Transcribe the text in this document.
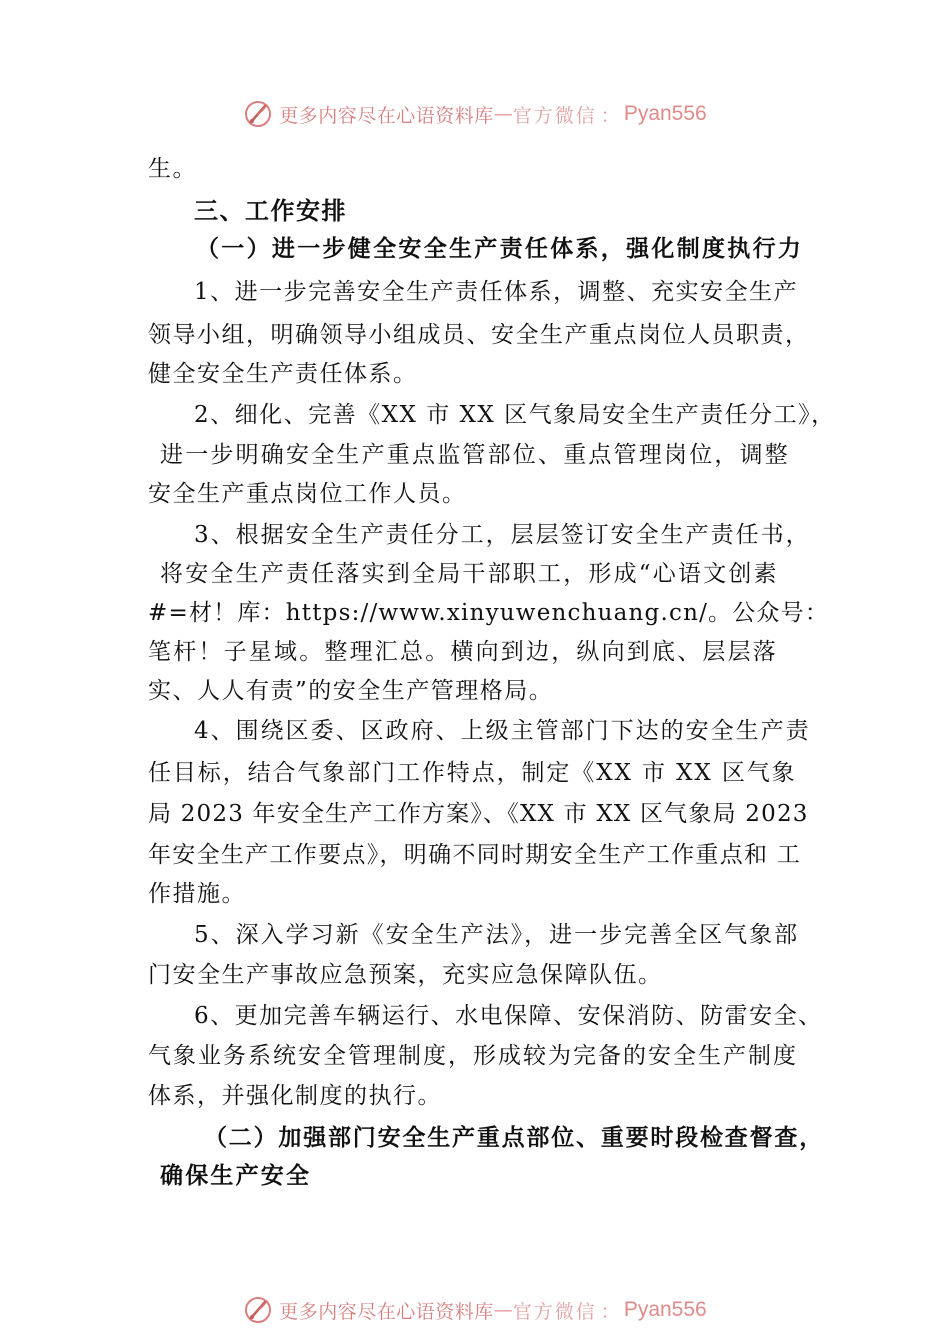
更多内容尽在心语资料库 — 官方微信 ： Pyan556
生。
三、工作安排
（一）进一步健全安全生产责任体系，强化制度执行力
1、进一步完善安全生产责任体系，调整、充实安全生产
领导小组，明确领导小组成员、安全生产重点岗位人员职责，
健全安全生产责任体系。
2、细化、完善《XX 市 XX 区气象局安全生产责任分工》，
进一步明确安全生产重点监管部位、重点管理岗位，调整
安全生产重点岗位工作人员。
3、根据安全生产责任分工，层层签订安全生产责任书，
将安全生产责任落实到全局干部职工，形成“心语文创素
#=材！库：https://www.xinyuwenchuang.cn/。公众号：
笔杆！子星域。整理汇总。横向到边，纵向到底、层层落
实、人人有责”的安全生产管理格局。
4、围绕区委、区政府、上级主管部门下达的安全生产责
任目标，结合气象部门工作特点，制定《XX 市 XX 区气象
局 2023 年安全生产工作方案》、《XX 市 XX 区气象局 2023
年安全生产工作要点》，明确不同时期安全生产工作重点和 工
作措施。
5、深入学习新《安全生产法》，进一步完善全区气象部
门安全生产事故应急预案，充实应急保障队伍。
6、更加完善车辆运行、水电保障、安保消防、防雷安全、
气象业务系统安全管理制度，形成较为完备的安全生产制度
体系，并强化制度的执行。
（二）加强部门安全生产重点部位、重要时段检查督查，
确保生产安全
更多内容尽在心语资料库 — 官方微信 ： Pyan556
